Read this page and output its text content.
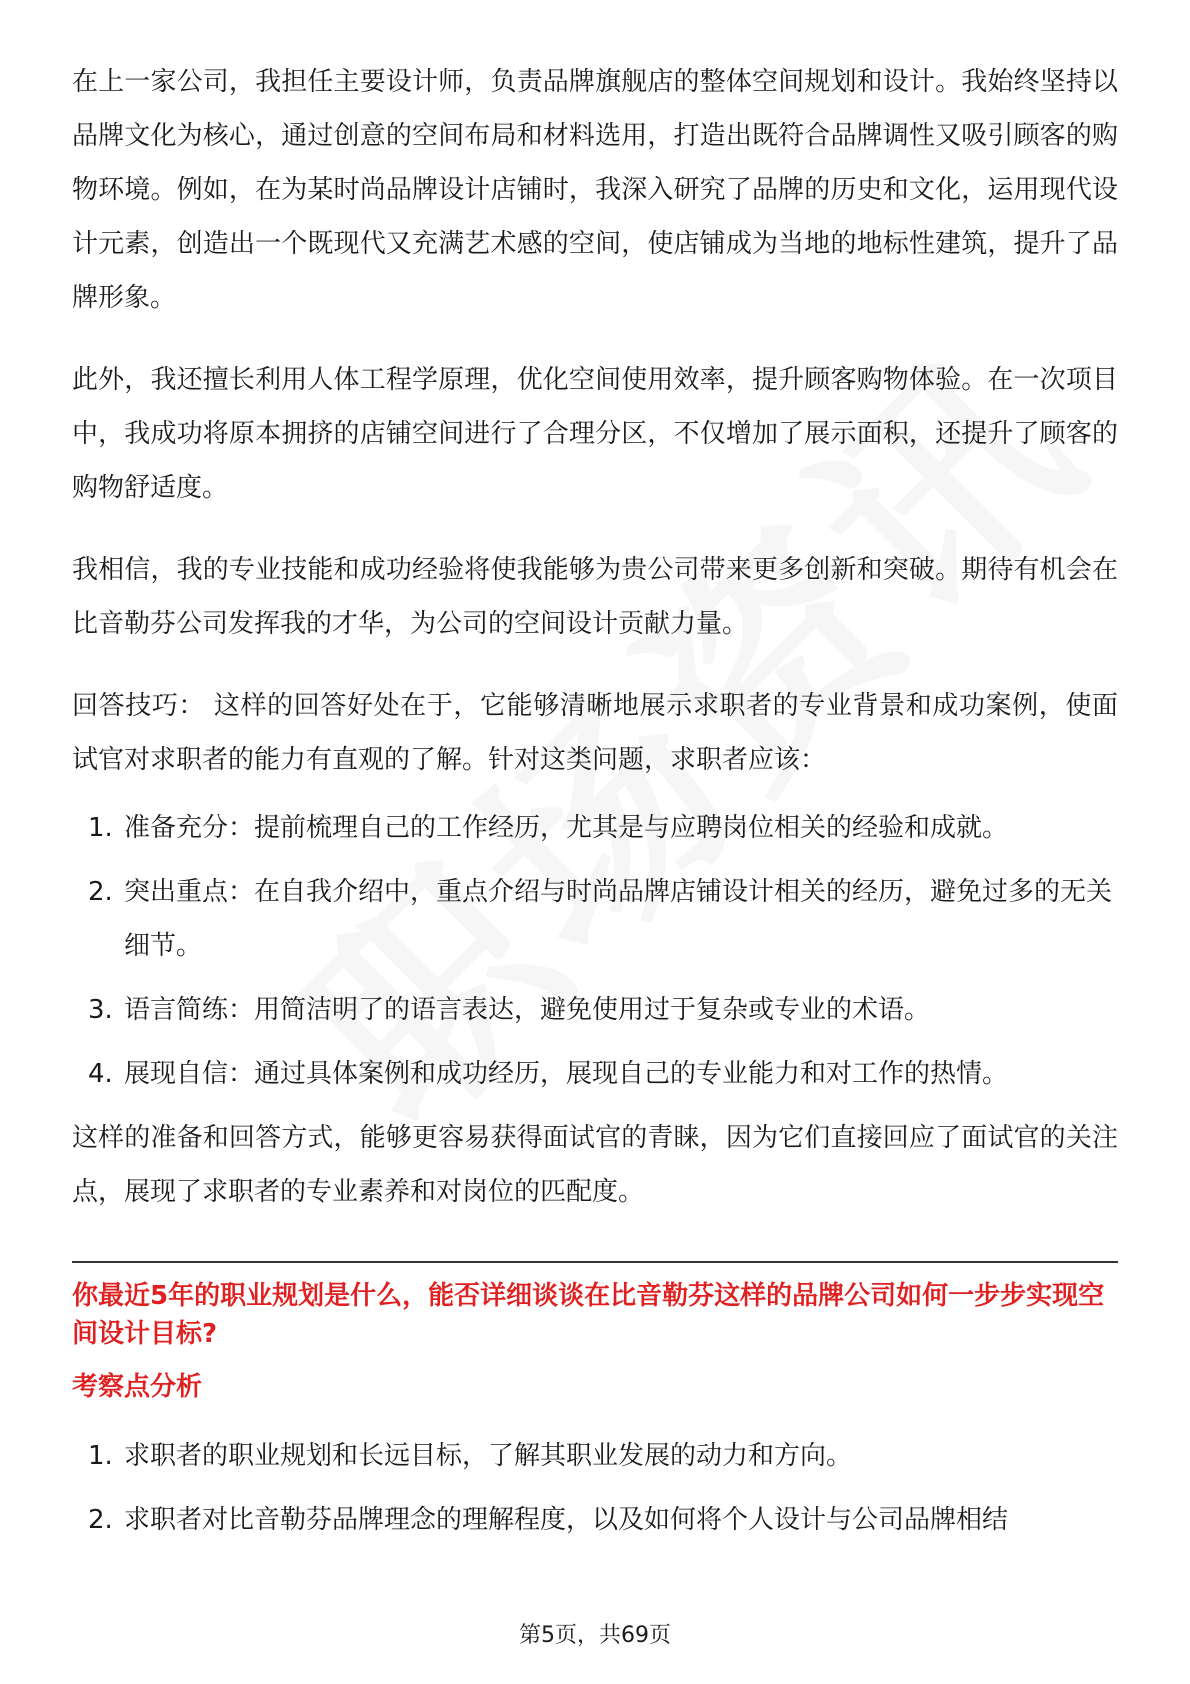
在上一家公司，我担任主要设计师，负责品牌旗舰店的整体空间规划和设计。我始终坚持以品牌文化为核心，通过创意的空间布局和材料选用，打造出既符合品牌调性又吸引顾客的购物环境。例如，在为某时尚品牌设计店铺时，我深入研究了品牌的历史和文化，运用现代设计元素，创造出一个既现代又充满艺术感的空间，使店铺成为当地的地标性建筑，提升了品牌形象。

此外，我还擅长利用人体工程学原理，优化空间使用效率，提升顾客购物体验。在一次项目中，我成功将原本拥挤的店铺空间进行了合理分区，不仅增加了展示面积，还提升了顾客的购物舒适度。

我相信，我的专业技能和成功经验将使我能够为贵公司带来更多创新和突破。期待有机会在比音勒芬公司发挥我的才华，为公司的空间设计贡献力量。

回答技巧： 这样的回答好处在于，它能够清晰地展示求职者的专业背景和成功案例，使面试官对求职者的能力有直观的了解。针对这类问题，求职者应该：

1. 准备充分：提前梳理自己的工作经历，尤其是与应聘岗位相关的经验和成就。
2. 突出重点：在自我介绍中，重点介绍与时尚品牌店铺设计相关的经历，避免过多的无关细节。
3. 语言简练：用简洁明了的语言表达，避免使用过于复杂或专业的术语。
4. 展现自信：通过具体案例和成功经历，展现自己的专业能力和对工作的热情。

这样的准备和回答方式，能够更容易获得面试官的青睐，因为它们直接回应了面试官的关注点，展现了求职者的专业素养和对岗位的匹配度。

你最近5年的职业规划是什么，能否详细谈谈在比音勒芬这样的品牌公司如何一步步实现空间设计目标?
考察点分析
1. 求职者的职业规划和长远目标，了解其职业发展的动力和方向。
2. 求职者对比音勒芬品牌理念的理解程度，以及如何将个人设计与公司品牌相结
第5页，共69页
